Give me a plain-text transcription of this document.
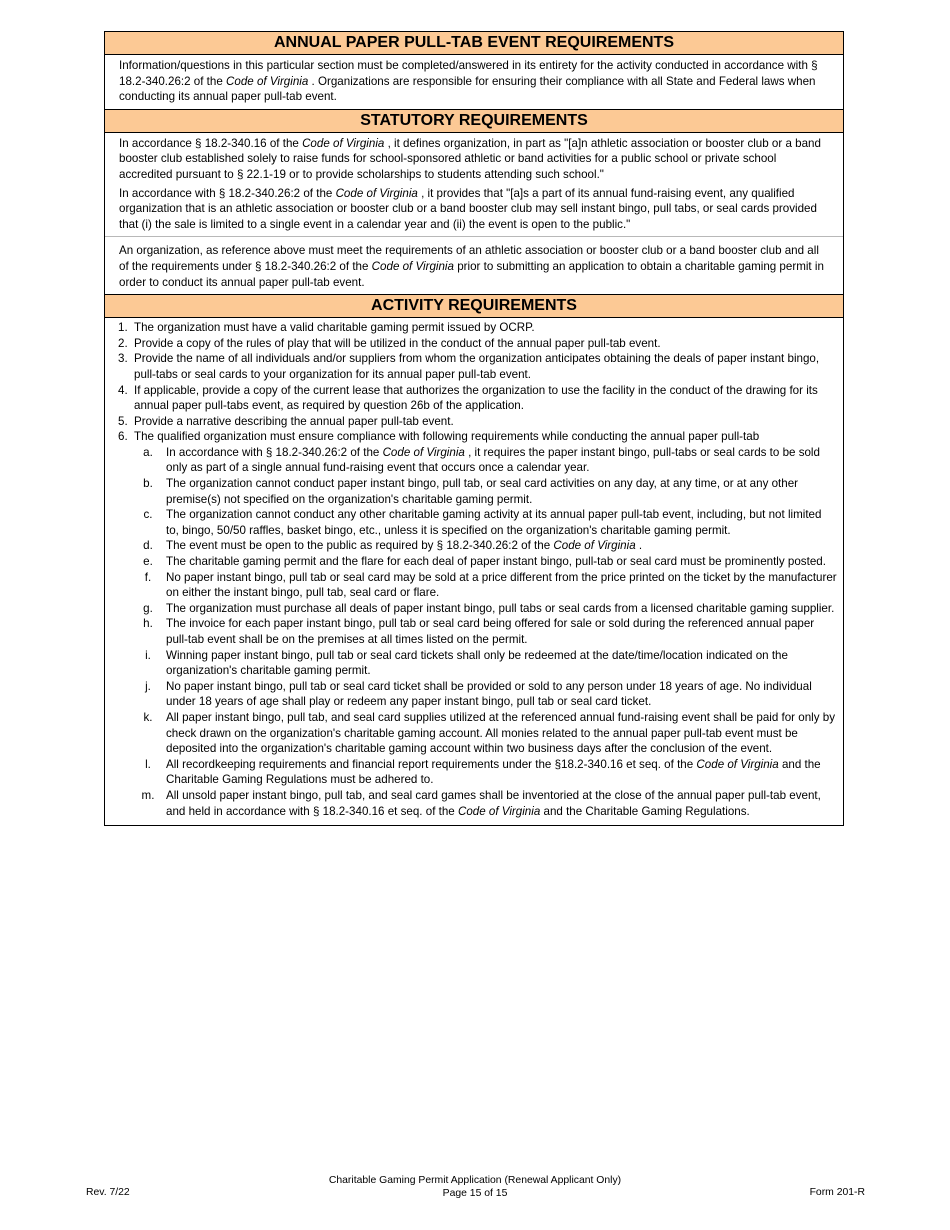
ANNUAL PAPER PULL-TAB EVENT REQUIREMENTS

Information/questions in this particular section must be completed/answered in its entirety for the activity conducted in accordance with § 18.2-340.26:2 of the Code of Virginia . Organizations are responsible for ensuring their compliance with all State and Federal laws when conducting its annual paper pull-tab event.

STATUTORY REQUIREMENTS

In accordance § 18.2-340.16 of the Code of Virginia , it defines organization, in part as "[a]n athletic association or booster club or a band booster club established solely to raise funds for school-sponsored athletic or band activities for a public school or private school accredited pursuant to § 22.1-19 or to provide scholarships to students attending such school."

In accordance with § 18.2-340.26:2 of the Code of Virginia , it provides that "[a]s a part of its annual fund-raising event, any qualified organization that is an athletic association or booster club or a band booster club may sell instant bingo, pull tabs, or seal cards provided that (i) the sale is limited to a single event in a calendar year and (ii) the event is open to the public."

An organization, as reference above must meet the requirements of an athletic association or booster club or a band booster club and all of the requirements under § 18.2-340.26:2 of the Code of Virginia prior to submitting an application to obtain a charitable gaming permit in order to conduct its annual paper pull-tab event.

ACTIVITY REQUIREMENTS
1. The organization must have a valid charitable gaming permit issued by OCRP.
2. Provide a copy of the rules of play that will be utilized in the conduct of the annual paper pull-tab event.
3. Provide the name of all individuals and/or suppliers from whom the organization anticipates obtaining the deals of paper instant bingo, pull-tabs or seal cards to your organization for its annual paper pull-tab event.
4. If applicable, provide a copy of the current lease that authorizes the organization to use the facility in the conduct of the drawing for its annual paper pull-tabs event, as required by question 26b of the application.
5. Provide a narrative describing the annual paper pull-tab event.
6. The qualified organization must ensure compliance with following requirements while conducting the annual paper pull-tab
a.	In accordance with § 18.2-340.26:2 of the Code of Virginia , it requires the paper instant bingo, pull-tabs or seal cards to be sold only as part of a single annual fund-raising event that occurs once a calendar year.
b.	The organization cannot conduct paper instant bingo, pull tab, or seal card activities on any day, at any time, or at any other premise(s) not specified on the organization's charitable gaming permit.
c.	The organization cannot conduct any other charitable gaming activity at its annual paper pull-tab event, including, but not limited to, bingo, 50/50 raffles, basket bingo, etc., unless it is specified on the organization's charitable gaming permit.
d.	The event must be open to the public as required by § 18.2-340.26:2 of the Code of Virginia .
e.	The charitable gaming permit and the flare for each deal of paper instant bingo, pull-tab or seal card must be prominently posted.
f.	No paper instant bingo, pull tab or seal card may be sold at a price different from the price printed on the ticket by the manufacturer on either the instant bingo, pull tab, seal card or flare.
g.	The organization must purchase all deals of paper instant bingo, pull tabs or seal cards from a licensed charitable gaming supplier.
h.	The invoice for each paper instant bingo, pull tab or seal card being offered for sale or sold during the referenced annual paper pull-tab event shall be on the premises at all times listed on the permit.
i.	Winning paper instant bingo, pull tab or seal card tickets shall only be redeemed at the date/time/location indicated on the organization's charitable gaming permit.
j.	No paper instant bingo, pull tab or seal card ticket shall be provided or sold to any person under 18 years of age. No individual under 18 years of age shall play or redeem any paper instant bingo, pull tab or seal card ticket.
k.	All paper instant bingo, pull tab, and seal card supplies utilized at the referenced annual fund-raising event shall be paid for only by check drawn on the organization's charitable gaming account. All monies related to the annual paper pull-tab event must be deposited into the organization's charitable gaming account within two business days after the conclusion of the event.
l.	All recordkeeping requirements and financial report requirements under the §18.2-340.16 et seq. of the Code of Virginia and the Charitable Gaming Regulations must be adhered to.
m. All unsold paper instant bingo, pull tab, and seal card games shall be inventoried at the close of the annual paper pull-tab event, and held in accordance with § 18.2-340.16 et seq. of the Code of Virginia and the Charitable Gaming Regulations.
Rev. 7/22
Charitable Gaming Permit Application (Renewal Applicant Only)
Page 15 of 15	Form 201-R
